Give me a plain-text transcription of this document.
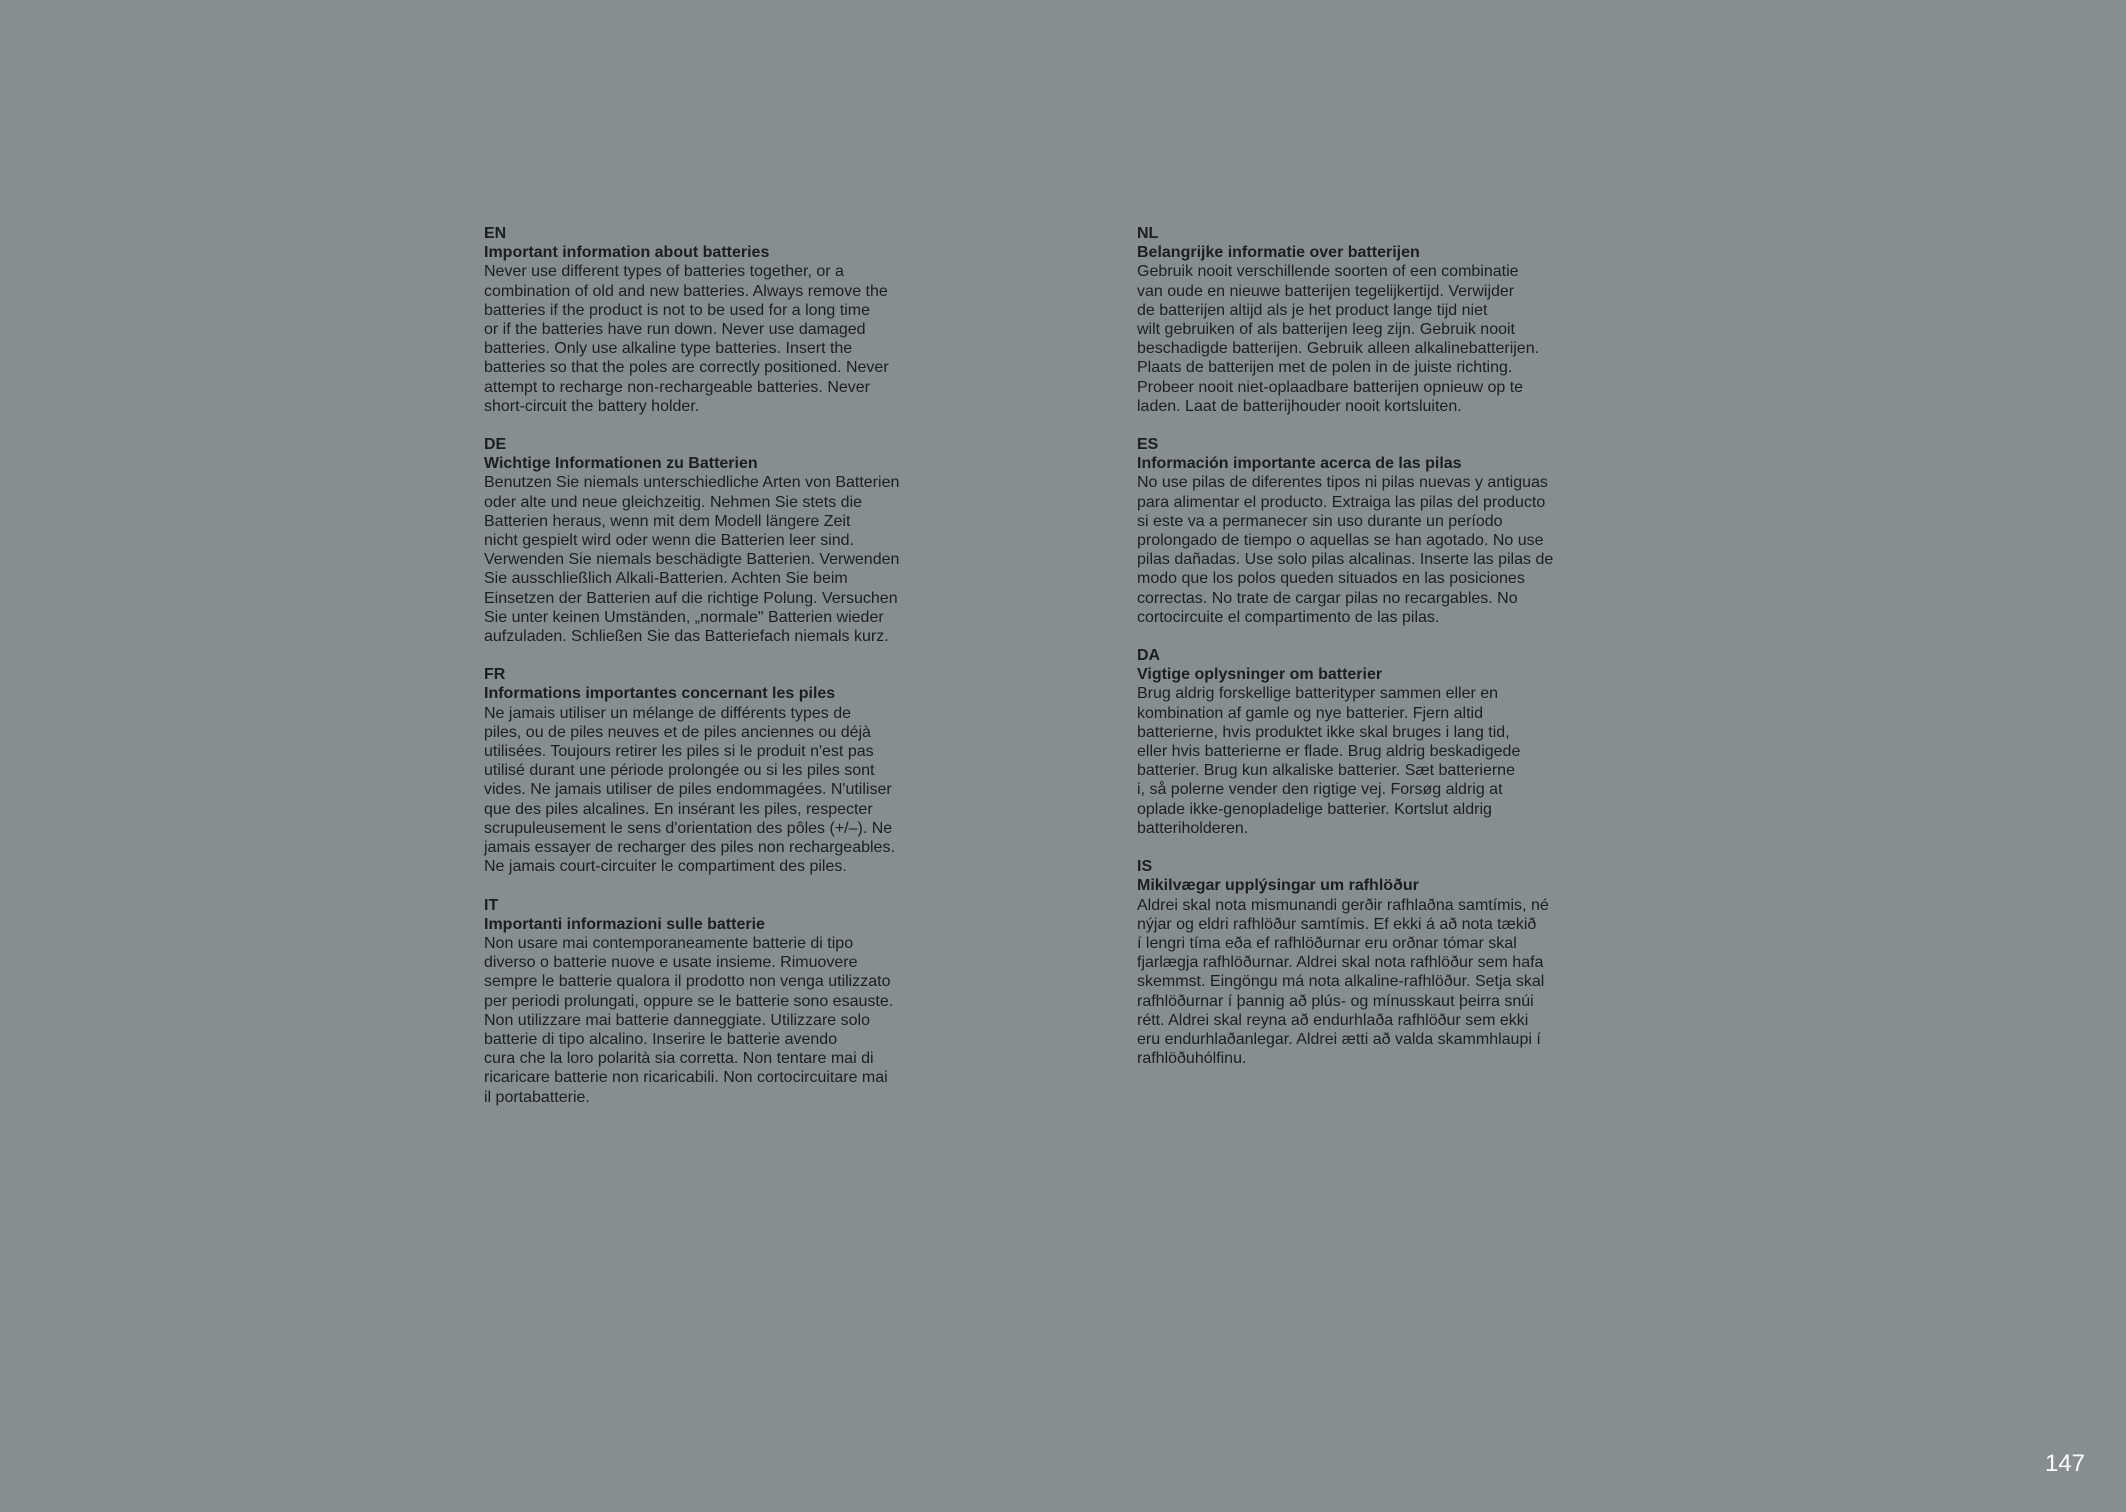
EN
Important information about batteries
Never use different types of batteries together, or a
combination of old and new batteries. Always remove the
batteries if the product is not to be used for a long time
or if the batteries have run down. Never use damaged
batteries. Only use alkaline type batteries. Insert the
batteries so that the poles are correctly positioned. Never
attempt to recharge non-rechargeable batteries. Never
short-circuit the battery holder.
DE
Wichtige Informationen zu Batterien
Benutzen Sie niemals unterschiedliche Arten von Batterien
oder alte und neue gleichzeitig. Nehmen Sie stets die
Batterien heraus, wenn mit dem Modell längere Zeit
nicht gespielt wird oder wenn die Batterien leer sind.
Verwenden Sie niemals beschädigte Batterien. Verwenden
Sie ausschließlich Alkali-Batterien. Achten Sie beim
Einsetzen der Batterien auf die richtige Polung. Versuchen
Sie unter keinen Umständen, „normale" Batterien wieder
aufzuladen. Schließen Sie das Batteriefach niemals kurz.
FR
Informations importantes concernant les piles
Ne jamais utiliser un mélange de différents types de
piles, ou de piles neuves et de piles anciennes ou déjà
utilisées. Toujours retirer les piles si le produit n'est pas
utilisé durant une période prolongée ou si les piles sont
vides. Ne jamais utiliser de piles endommagées. N'utiliser
que des piles alcalines. En insérant les piles, respecter
scrupuleusement le sens d'orientation des pôles (+/–). Ne
jamais essayer de recharger des piles non rechargeables.
Ne jamais court-circuiter le compartiment des piles.
IT
Importanti informazioni sulle batterie
Non usare mai contemporaneamente batterie di tipo
diverso o batterie nuove e usate insieme. Rimuovere
sempre le batterie qualora il prodotto non venga utilizzato
per periodi prolungati, oppure se le batterie sono esauste.
Non utilizzare mai batterie danneggiate. Utilizzare solo
batterie di tipo alcalino. Inserire le batterie avendo
cura che la loro polarità sia corretta. Non tentare mai di
ricaricare batterie non ricaricabili. Non cortocircuitare mai
il portabatterie.
NL
Belangrijke informatie over batterijen
Gebruik nooit verschillende soorten of een combinatie
van oude en nieuwe batterijen tegelijkertijd. Verwijder
de batterijen altijd als je het product lange tijd niet
wilt gebruiken of als batterijen leeg zijn. Gebruik nooit
beschadigde batterijen. Gebruik alleen alkalinebatterijen.
Plaats de batterijen met de polen in de juiste richting.
Probeer nooit niet-oplaadbare batterijen opnieuw op te
laden. Laat de batterijhouder nooit kortsluiten.
ES
Información importante acerca de las pilas
No use pilas de diferentes tipos ni pilas nuevas y antiguas
para alimentar el producto. Extraiga las pilas del producto
si este va a permanecer sin uso durante un período
prolongado de tiempo o aquellas se han agotado. No use
pilas dañadas. Use solo pilas alcalinas. Inserte las pilas de
modo que los polos queden situados en las posiciones
correctas. No trate de cargar pilas no recargables. No
cortocircuite el compartimento de las pilas.
DA
Vigtige oplysninger om batterier
Brug aldrig forskellige batterityper sammen eller en
kombination af gamle og nye batterier. Fjern altid
batterierne, hvis produktet ikke skal bruges i lang tid,
eller hvis batterierne er flade. Brug aldrig beskadigede
batterier. Brug kun alkaliske batterier. Sæt batterierne
i, så polerne vender den rigtige vej. Forsøg aldrig at
oplade ikke-genopladelige batterier. Kortslut aldrig
batteriholderen.
IS
Mikilvægar upplýsingar um rafhlöður
Aldrei skal nota mismunandi gerðir rafhlaðna samtímis, né
nýjar og eldri rafhlöður samtímis. Ef ekki á að nota tækið
í lengri tíma eða ef rafhlöðurnar eru orðnar tómar skal
fjarlægja rafhlöðurnar. Aldrei skal nota rafhlöður sem hafa
skemmst. Eingöngu má nota alkaline-rafhlöður. Setja skal
rafhlöðurnar í þannig að plús- og mínusskaut þeirra snúi
rétt. Aldrei skal reyna að endurhlaða rafhlöður sem ekki
eru endurhlaðanlegar. Aldrei ætti að valda skammhlaupi í
rafhlöðuhólfinu.
147
